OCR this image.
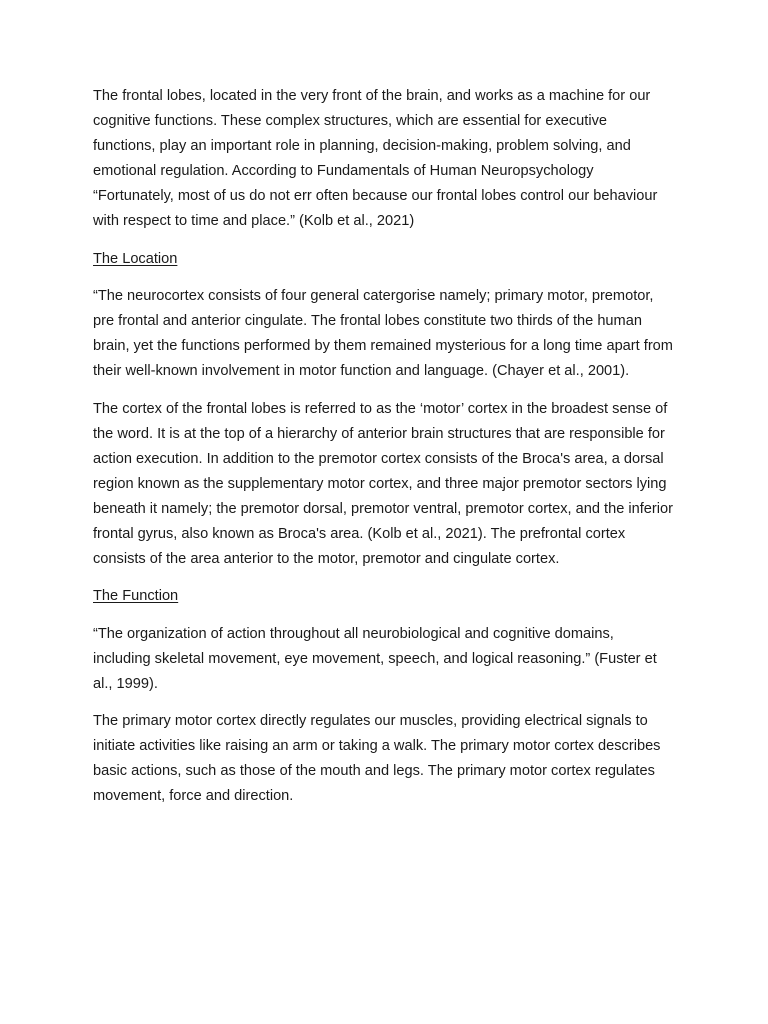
The frontal lobes, located in the very front of the brain, and works as a machine for our cognitive functions. These complex structures, which are essential for executive functions, play an important role in planning, decision-making, problem solving, and emotional regulation. According to Fundamentals of Human Neuropsychology “Fortunately, most of us do not err often because our frontal lobes control our behaviour with respect to time and place.” (Kolb et al., 2021)

The Location

“The neurocortex consists of four general catergorise namely; primary motor, premotor, pre frontal and anterior cingulate. The frontal lobes constitute two thirds of the human brain, yet the functions performed by them remained mysterious for a long time apart from their well-known involvement in motor function and language. (Chayer et al., 2001).

The cortex of the frontal lobes is referred to as the ‘motor’ cortex in the broadest sense of the word. It is at the top of a hierarchy of anterior brain structures that are responsible for action execution. In addition to the premotor cortex consists of the Broca's area, a dorsal region known as the supplementary motor cortex, and three major premotor sectors lying beneath it namely; the premotor dorsal, premotor ventral, premotor cortex, and the inferior frontal gyrus, also known as Broca's area. (Kolb et al., 2021). The prefrontal cortex consists of the area anterior to the motor, premotor and cingulate cortex.

The Function

“The organization of action throughout all neurobiological and cognitive domains, including skeletal movement, eye movement, speech, and logical reasoning.” (Fuster et al., 1999).

The primary motor cortex directly regulates our muscles, providing electrical signals to initiate activities like raising an arm or taking a walk. The primary motor cortex describes basic actions, such as those of the mouth and legs. The primary motor cortex regulates movement, force and direction.
